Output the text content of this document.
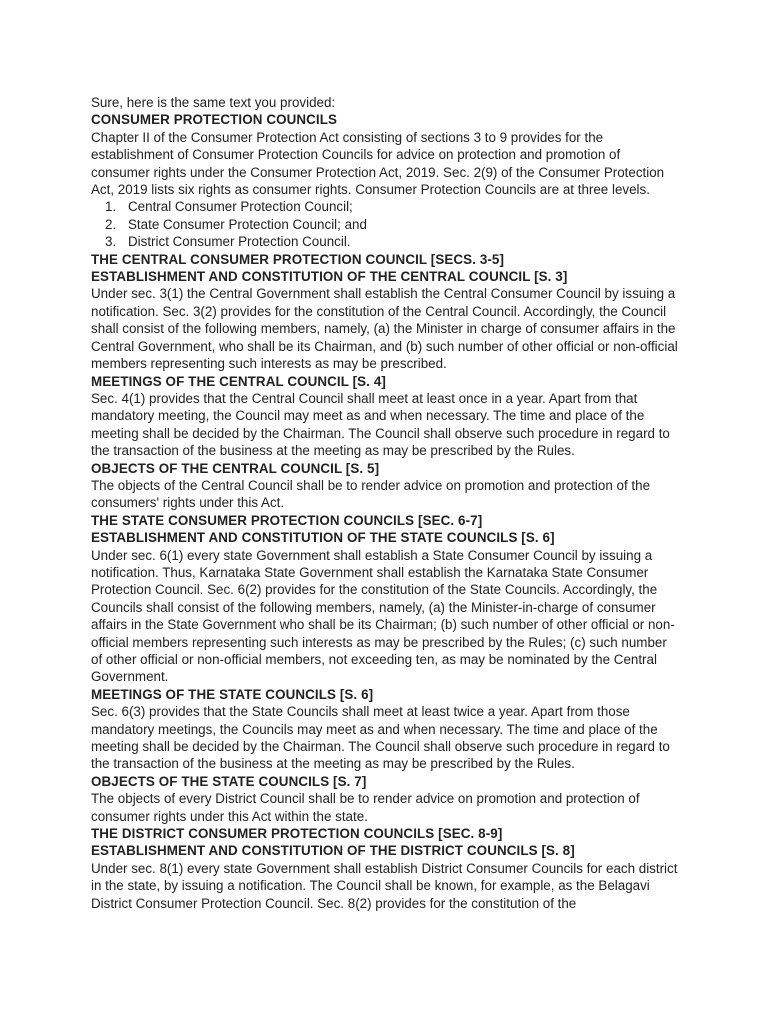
Sure, here is the same text you provided:

CONSUMER PROTECTION COUNCILS

Chapter II of the Consumer Protection Act consisting of sections 3 to 9 provides for the establishment of Consumer Protection Councils for advice on protection and promotion of consumer rights under the Consumer Protection Act, 2019. Sec. 2(9) of the Consumer Protection Act, 2019 lists six rights as consumer rights. Consumer Protection Councils are at three levels.

1. Central Consumer Protection Council;
2. State Consumer Protection Council; and
3. District Consumer Protection Council.
THE CENTRAL CONSUMER PROTECTION COUNCIL [SECS. 3-5]
ESTABLISHMENT AND CONSTITUTION OF THE CENTRAL COUNCIL [S. 3]

Under sec. 3(1) the Central Government shall establish the Central Consumer Council by issuing a notification. Sec. 3(2) provides for the constitution of the Central Council. Accordingly, the Council shall consist of the following members, namely, (a) the Minister in charge of consumer affairs in the Central Government, who shall be its Chairman, and (b) such number of other official or non-official members representing such interests as may be prescribed.

MEETINGS OF THE CENTRAL COUNCIL [S. 4]

Sec. 4(1) provides that the Central Council shall meet at least once in a year. Apart from that mandatory meeting, the Council may meet as and when necessary. The time and place of the meeting shall be decided by the Chairman. The Council shall observe such procedure in regard to the transaction of the business at the meeting as may be prescribed by the Rules.

OBJECTS OF THE CENTRAL COUNCIL [S. 5]

The objects of the Central Council shall be to render advice on promotion and protection of the consumers' rights under this Act.

THE STATE CONSUMER PROTECTION COUNCILS [SEC. 6-7]
ESTABLISHMENT AND CONSTITUTION OF THE STATE COUNCILS [S. 6]

Under sec. 6(1) every state Government shall establish a State Consumer Council by issuing a notification. Thus, Karnataka State Government shall establish the Karnataka State Consumer Protection Council. Sec. 6(2) provides for the constitution of the State Councils. Accordingly, the Councils shall consist of the following members, namely, (a) the Minister-in-charge of consumer affairs in the State Government who shall be its Chairman; (b) such number of other official or non-official members representing such interests as may be prescribed by the Rules; (c) such number of other official or non-official members, not exceeding ten, as may be nominated by the Central Government.

MEETINGS OF THE STATE COUNCILS [S. 6]

Sec. 6(3) provides that the State Councils shall meet at least twice a year. Apart from those mandatory meetings, the Councils may meet as and when necessary. The time and place of the meeting shall be decided by the Chairman. The Council shall observe such procedure in regard to the transaction of the business at the meeting as may be prescribed by the Rules.

OBJECTS OF THE STATE COUNCILS [S. 7]

The objects of every District Council shall be to render advice on promotion and protection of consumer rights under this Act within the state.

THE DISTRICT CONSUMER PROTECTION COUNCILS [SEC. 8-9]
ESTABLISHMENT AND CONSTITUTION OF THE DISTRICT COUNCILS [S. 8]

Under sec. 8(1) every state Government shall establish District Consumer Councils for each district in the state, by issuing a notification. The Council shall be known, for example, as the Belagavi District Consumer Protection Council. Sec. 8(2) provides for the constitution of the
